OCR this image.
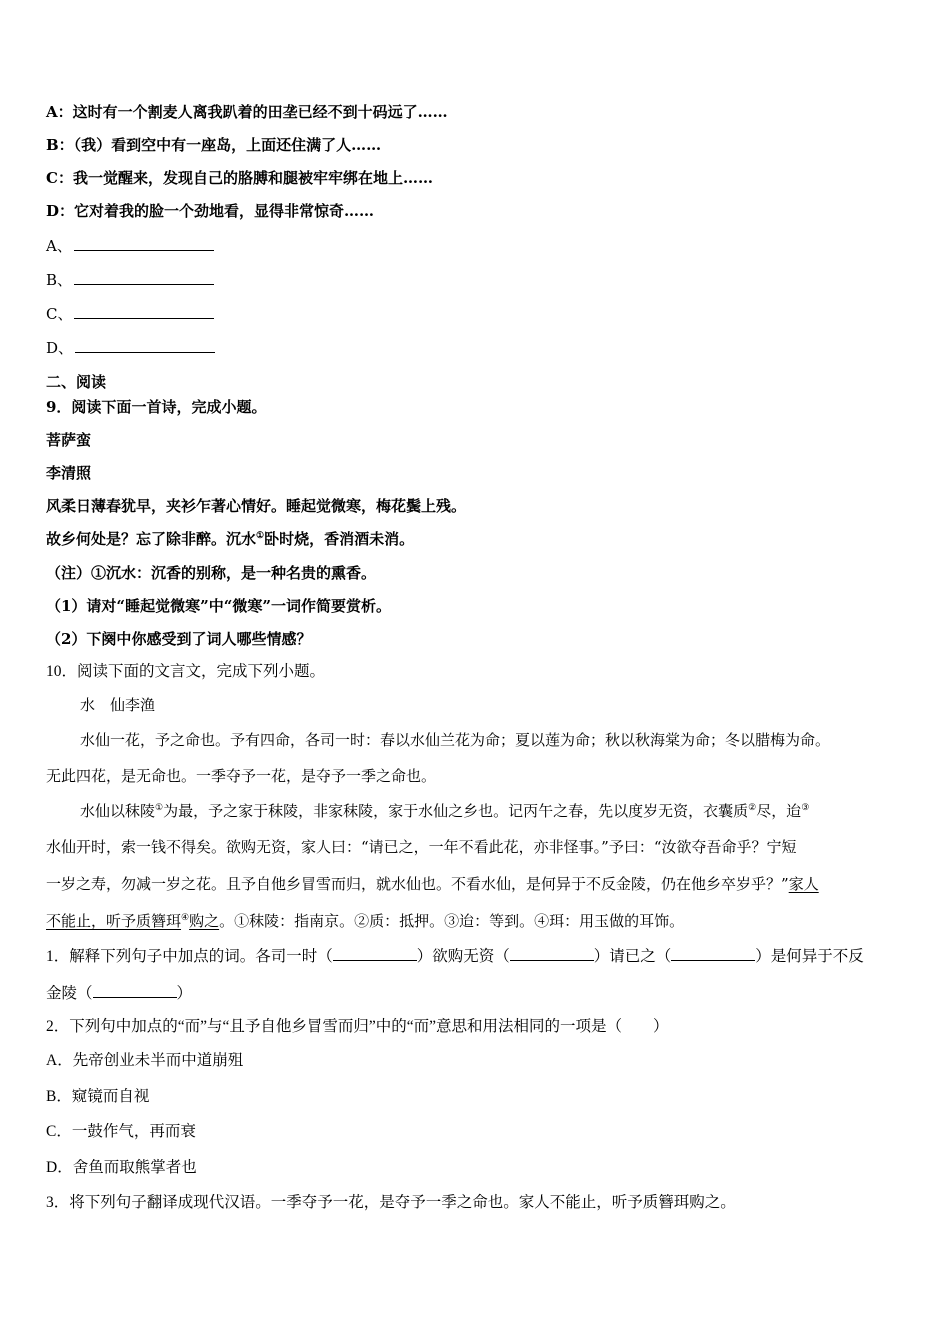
A：这时有一个割麦人离我趴着的田垄已经不到十码远了……
B：（我）看到空中有一座岛，上面还住满了人……
C：我一觉醒来，发现自己的胳膊和腿被牢牢绑在地上……
D：它对着我的脸一个劲地看，显得非常惊奇……
A、
B、
C、
D、
二、阅读
9．阅读下面一首诗，完成小题。
菩萨蛮
李清照
风柔日薄春犹早，夹衫乍著心情好。睡起觉微寒，梅花鬓上残。
故乡何处是？忘了除非醉。沉水①卧时烧，香消酒未消。
（注）①沉水：沉香的别称，是一种名贵的熏香。
（1）请对“睡起觉微寒”中“微寒”一词作简要赏析。
（2）下阕中你感受到了词人哪些情感？
10．阅读下面的文言文，完成下列小题。
水　仙李渔
水仙一花，予之命也。予有四命，各司一时：春以水仙兰花为命；夏以莲为命；秋以秋海棠为命；冬以腊梅为命。
无此四花，是无命也。一季夺予一花，是夺予一季之命也。
水仙以秣陵①为最，予之家于秣陵，非家秣陵，家于水仙之乡也。记丙午之春，先以度岁无资，衣囊质②尽，迨③
水仙开时，索一钱不得矣。欲购无资，家人曰：“请已之，一年不看此花，亦非怪事。”予曰：“汝欲夺吾命乎？宁短
一岁之寿，勿减一岁之花。且予自他乡冒雪而归，就水仙也。不看水仙，是何异于不反金陵，仍在他乡卒岁乎？”家人
不能止，听予质簪珥④购之。①秣陵：指南京。②质：抵押。③迨：等到。④珥：用玉做的耳饰。
1．解释下列句子中加点的词。各司一时（	）欲购无资（	）请已之（	）是何异于不反
金陵（	）
2．下列句中加点的“而”与“且予自他乡冒雪而归”中的“而”意思和用法相同的一项是（　　）
A．先帝创业未半而中道崩殂
B．窥镜而自视
C．一鼓作气，再而衰
D．舍鱼而取熊掌者也
3．将下列句子翻译成现代汉语。一季夺予一花，是夺予一季之命也。家人不能止，听予质簪珥购之。
